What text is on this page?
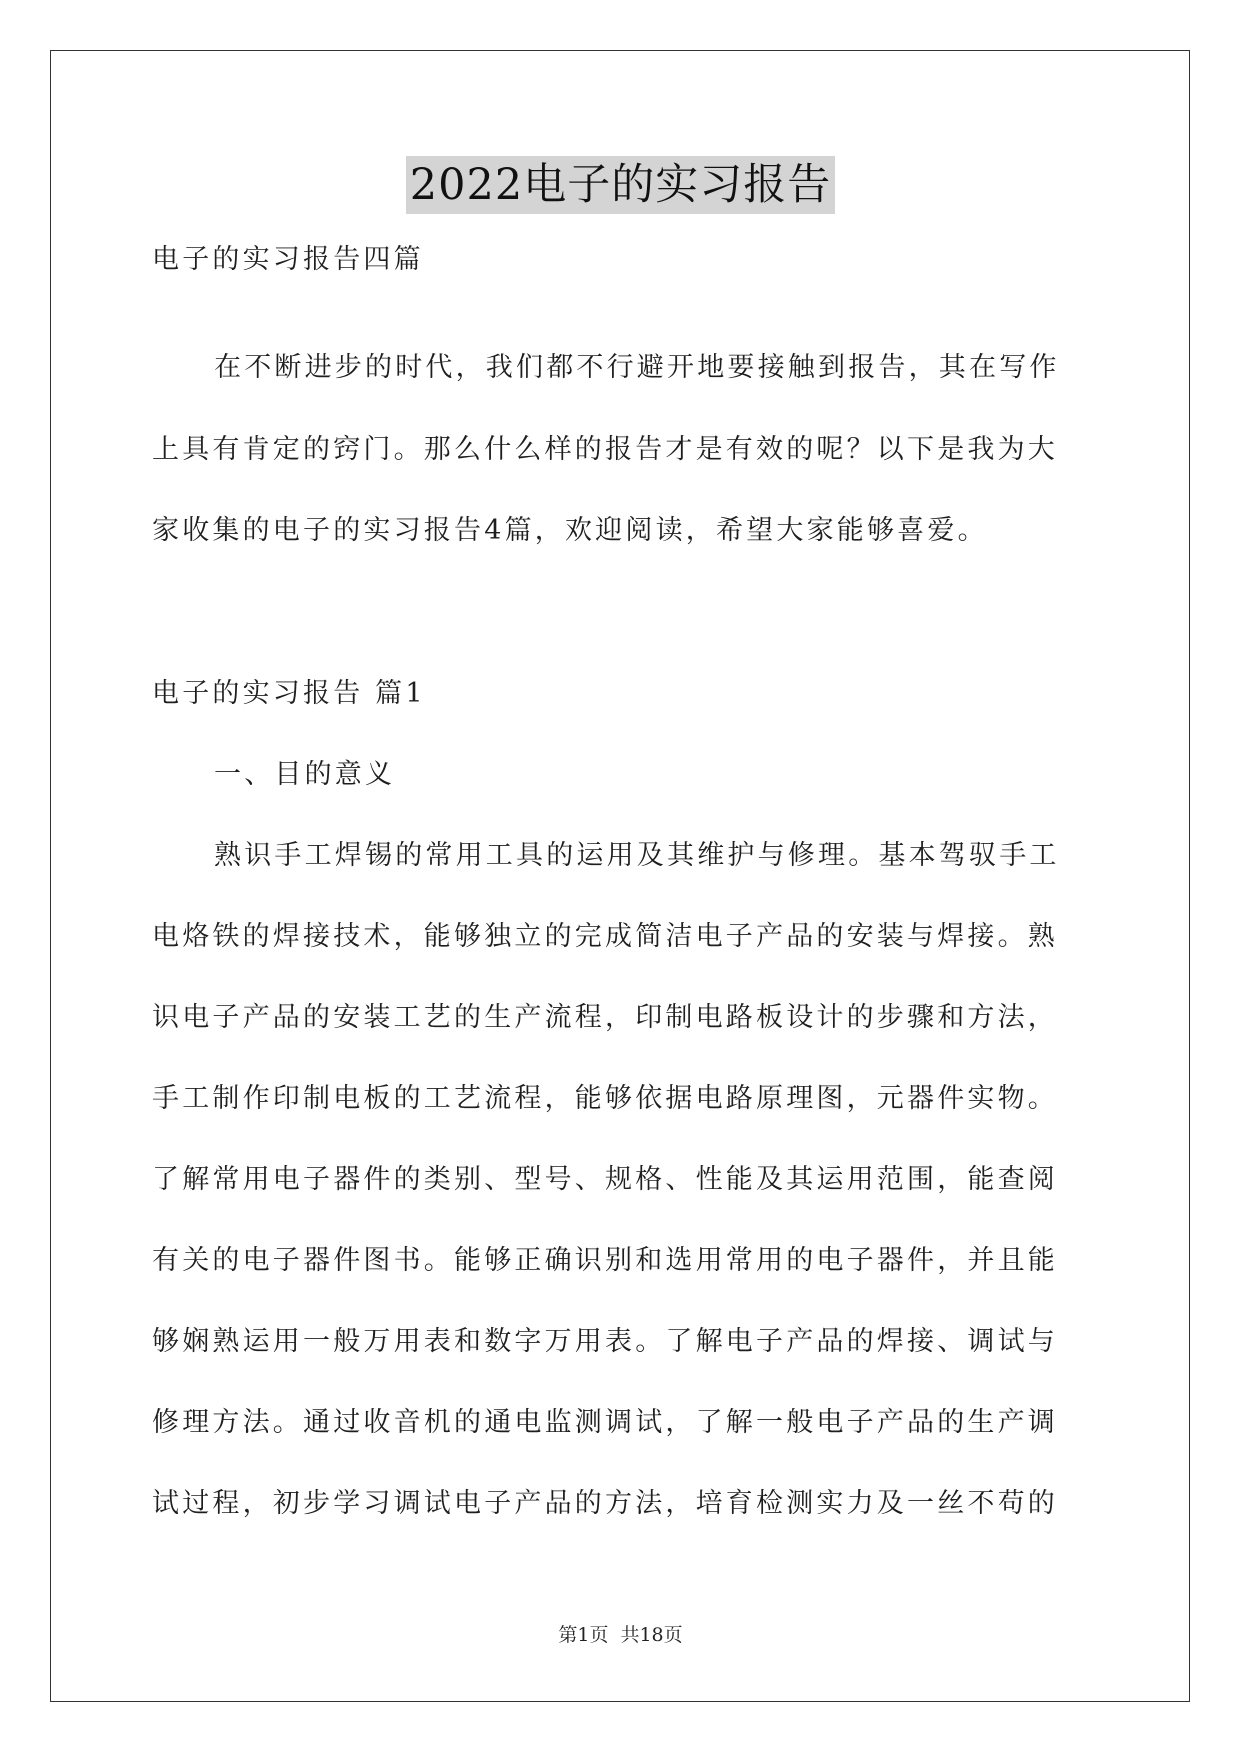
2022电子的实习报告
电子的实习报告四篇
在不断进步的时代，我们都不行避开地要接触到报告，其在写作
上具有肯定的窍门。那么什么样的报告才是有效的呢？以下是我为大
家收集的电子的实习报告4篇，欢迎阅读，希望大家能够喜爱。
电子的实习报告 篇1
一、目的意义
熟识手工焊锡的常用工具的运用及其维护与修理。基本驾驭手工
电烙铁的焊接技术，能够独立的完成简洁电子产品的安装与焊接。熟
识电子产品的安装工艺的生产流程，印制电路板设计的步骤和方法，
手工制作印制电板的工艺流程，能够依据电路原理图，元器件实物。
了解常用电子器件的类别、型号、规格、性能及其运用范围，能查阅
有关的电子器件图书。能够正确识别和选用常用的电子器件，并且能
够娴熟运用一般万用表和数字万用表。了解电子产品的焊接、调试与
修理方法。通过收音机的通电监测调试，了解一般电子产品的生产调
试过程，初步学习调试电子产品的方法，培育检测实力及一丝不苟的
第1页 共18页
